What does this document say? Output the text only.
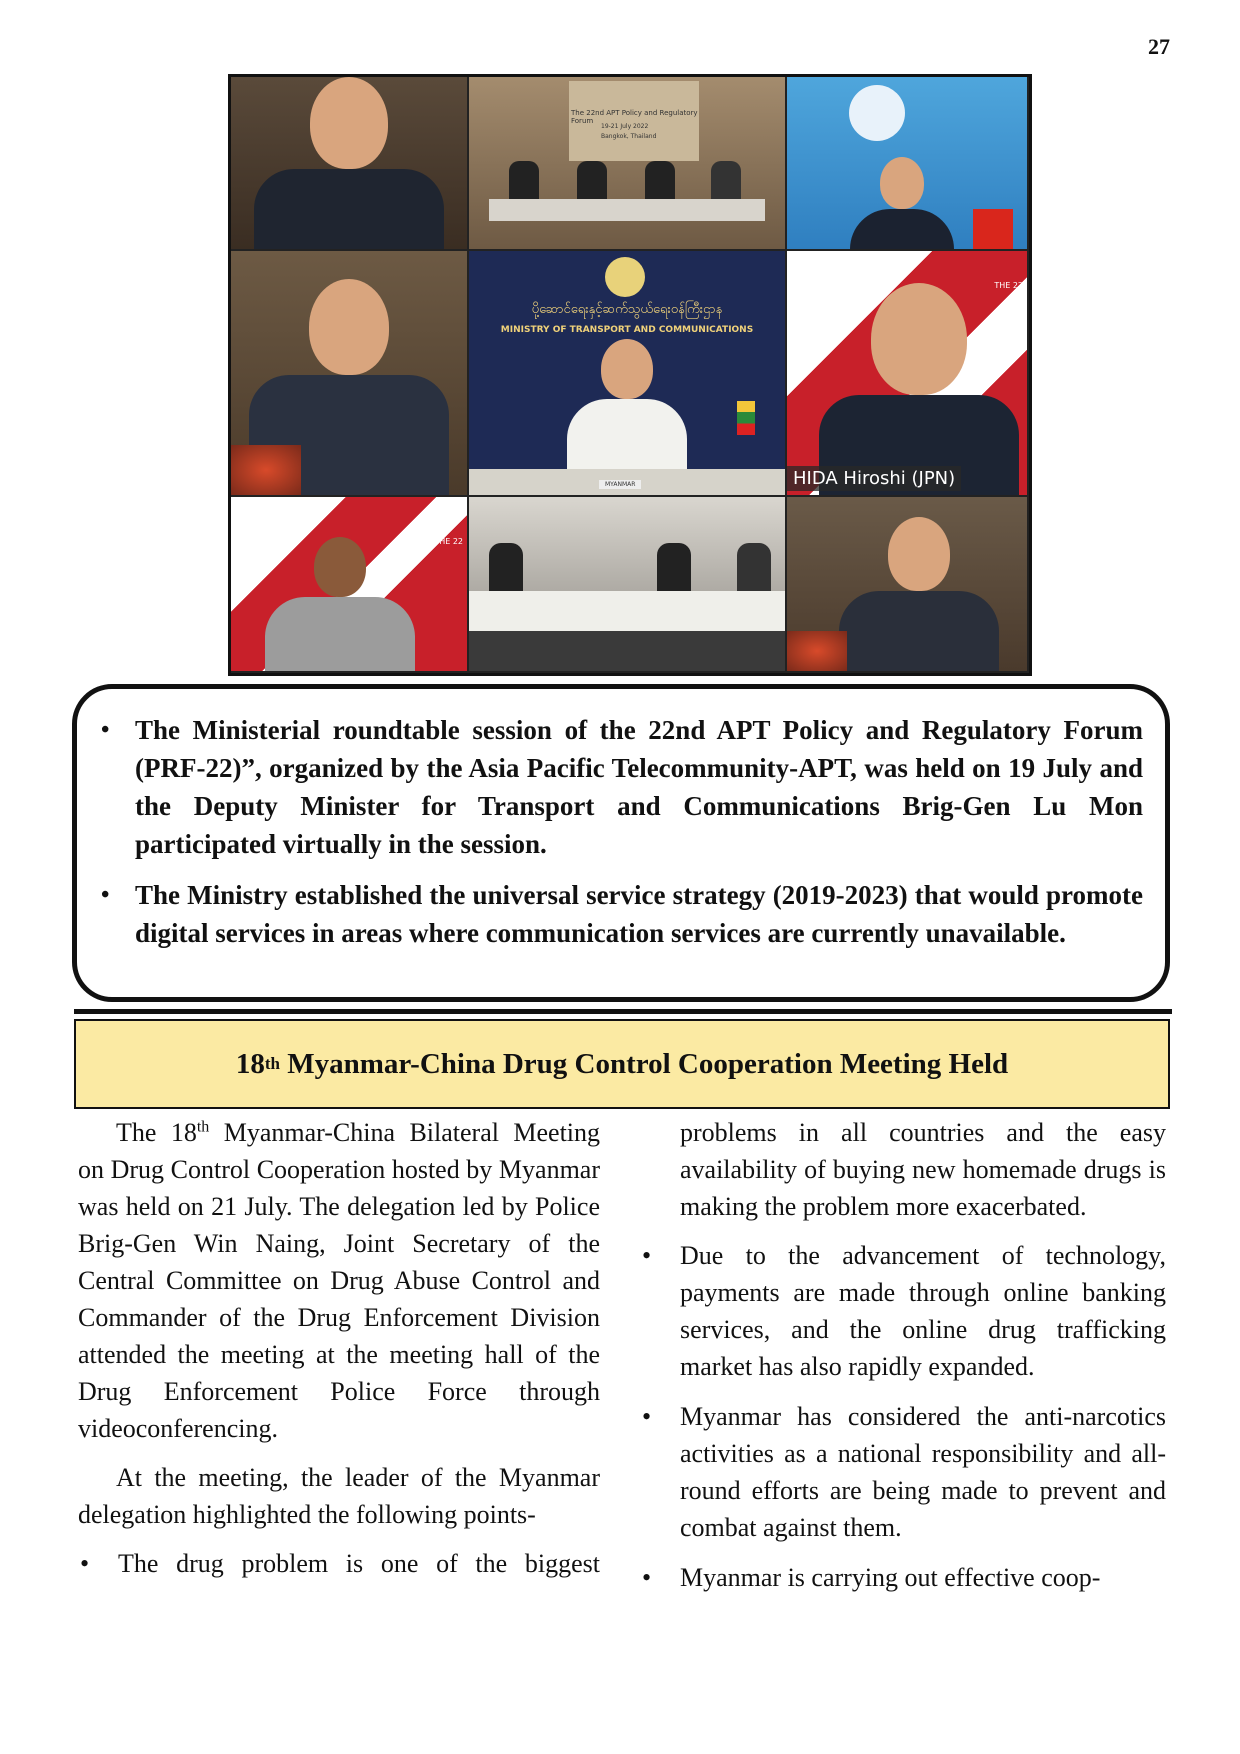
27
The 22nd APT Policy and Regulatory Forum
19-21 July 2022
Bangkok, Thailand
ပို့ဆောင်ရေးနှင့်ဆက်သွယ်ရေးဝန်ကြီးဌာန
MINISTRY OF TRANSPORT AND COMMUNICATIONS
MYANMAR
THE 22
HIDA Hiroshi (JPN)
THE 22
• The Ministerial roundtable session of the 22nd APT Policy and Regulatory Forum (PRF-22)”, organized by the Asia Pacific Telecommunity-APT, was held on 19 July and the Deputy Minister for Transport and Communications Brig-Gen Lu Mon participated virtually in the session.
• The Ministry established the universal service strategy (2019-2023) that would promote digital services in areas where communication services are currently unavailable.
18 th Myanmar-China Drug Control Cooperation Meeting Held

The 18th Myanmar-China Bilateral Meeting on Drug Control Cooperation hosted by Myanmar was held on 21 July. The delegation led by Police Brig-Gen Win Naing, Joint Secretary of the Central Committee on Drug Abuse Control and Commander of the Drug Enforcement Division attended the meeting at the meeting hall of the Drug Enforcement Police Force through videoconferencing.

At the meeting, the leader of the Myanmar delegation highlighted the following points-

• The drug problem is one of the biggest

problems in all countries and the easy availability of buying new homemade drugs is making the problem more exacerbated.

• Due to the advancement of technology, payments are made through online banking services, and the online drug trafficking market has also rapidly expanded.
• Myanmar has considered the anti-narcotics activities as a national responsibility and all-round efforts are being made to prevent and combat against them.
• Myanmar is carrying out effective coop-
